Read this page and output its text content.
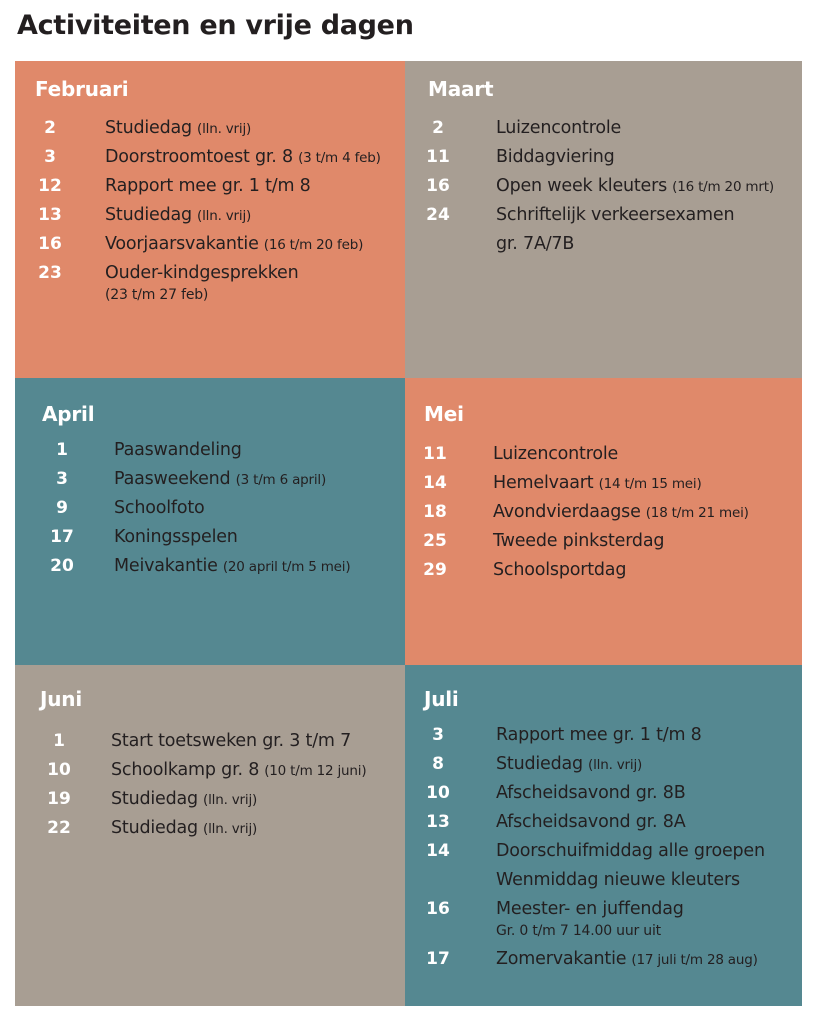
Activiteiten en vrije dagen
Februari
2	Studiedag (lln. vrij)
3	Doorstroomtoest gr. 8 (3 t/m 4 feb)
12 Rapport mee gr. 1 t/m 8
13 Studiedag (lln. vrij)
16 Voorjaarsvakantie (16 t/m 20 feb)
23 Ouder-kindgesprekken
(23 t/m 27 feb)
Maart
2	Luizencontrole
11	Biddagviering
16	Open week kleuters (16 t/m 20 mrt)
24	Schriftelijk verkeersexamen
gr. 7A/7B
April
1	Paaswandeling
3	Paasweekend (3 t/m 6 april)
9	Schoolfoto
17 Koningsspelen
20 Meivakantie (20 april t/m 5 mei)
Mei
11	Luizencontrole
14	Hemelvaart (14 t/m 15 mei)
18	Avondvierdaagse (18 t/m 21 mei)
25	Tweede pinksterdag
29	Schoolsportdag
Juni
1	Start toetsweken gr. 3 t/m 7
10 Schoolkamp gr. 8 (10 t/m 12 juni)
19 Studiedag (lln. vrij)
22 Studiedag (lln. vrij)
Juli
3	Rapport mee gr. 1 t/m 8
8	Studiedag (lln. vrij)
10	Afscheidsavond gr. 8B
13	Afscheidsavond gr. 8A
14	Doorschuifmiddag alle groepen
Wenmiddag nieuwe kleuters
16	Meester- en juffendag
Gr. 0 t/m 7 14.00 uur uit
17	Zomervakantie (17 juli t/m 28 aug)
